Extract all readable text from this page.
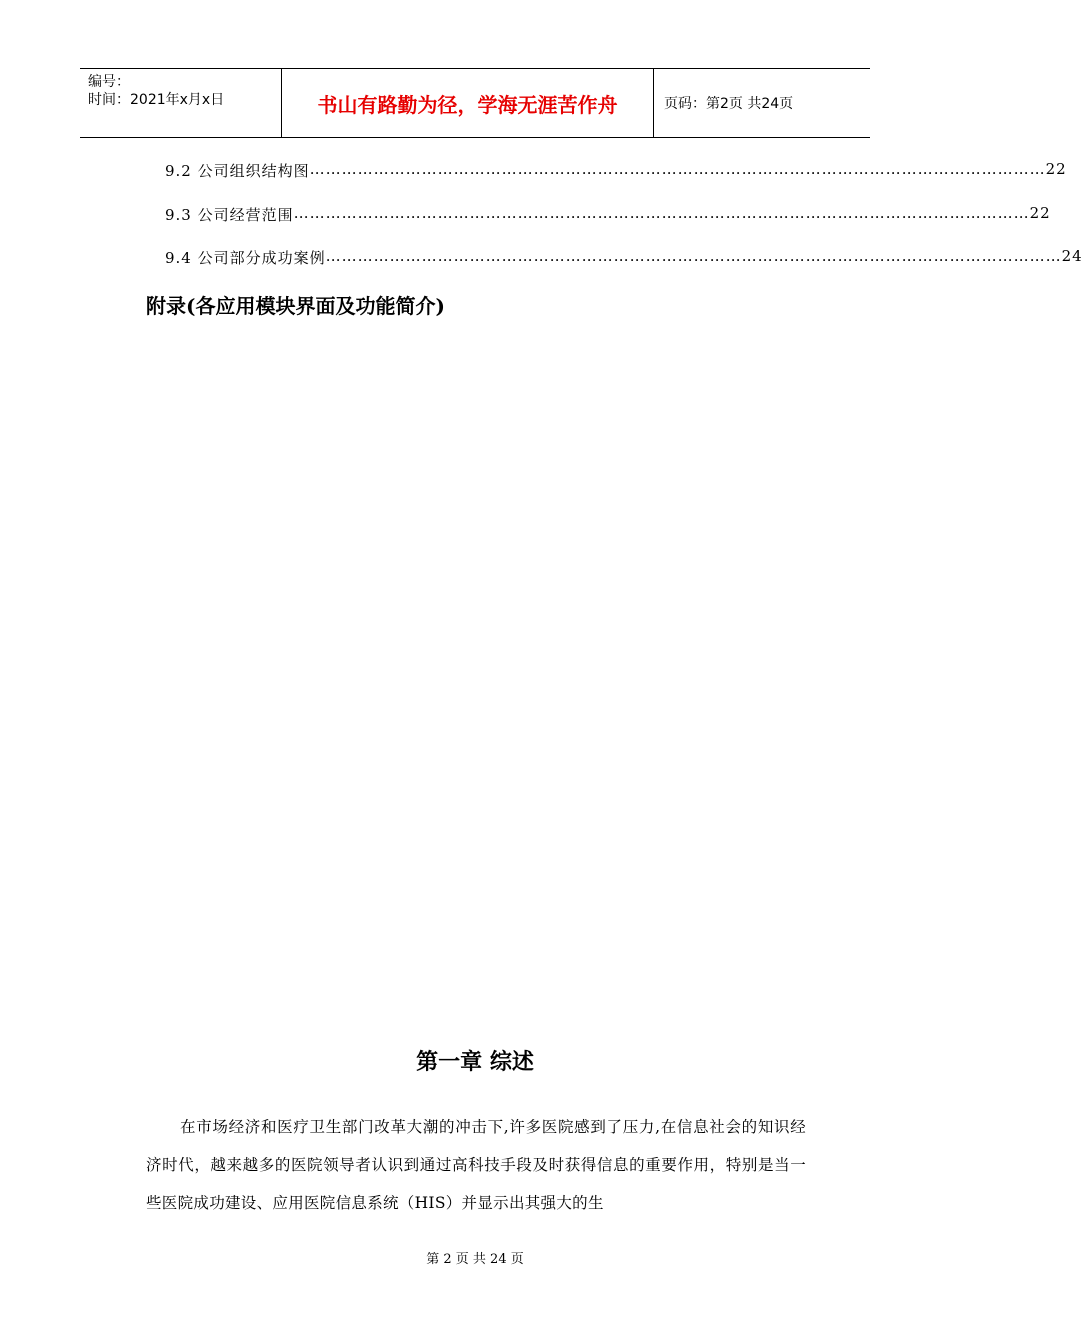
编号：
时间：2021年x月x日	书山有路勤为径，学海无涯苦作舟	页码：第2页 共24页
9.2 公司组织结构图 ………………………………………………………………………………………………………………………… 22
9.3 公司经营范围 ………………………………………………………………………………………………………………………… 22
9.4 公司部分成功案例 ………………………………………………………………………………………………………………………… 24
附录(各应用模块界面及功能简介)
第一章 综述
在市场经济和医疗卫生部门改革大潮的冲击下,许多医院感到了压力,在信息社会的知识经济时代，越来越多的医院领导者认识到通过高科技手段及时获得信息的重要作用，特别是当一些医院成功建设、应用医院信息系统（HIS）并显示出其强大的生
第 2 页 共 24 页
